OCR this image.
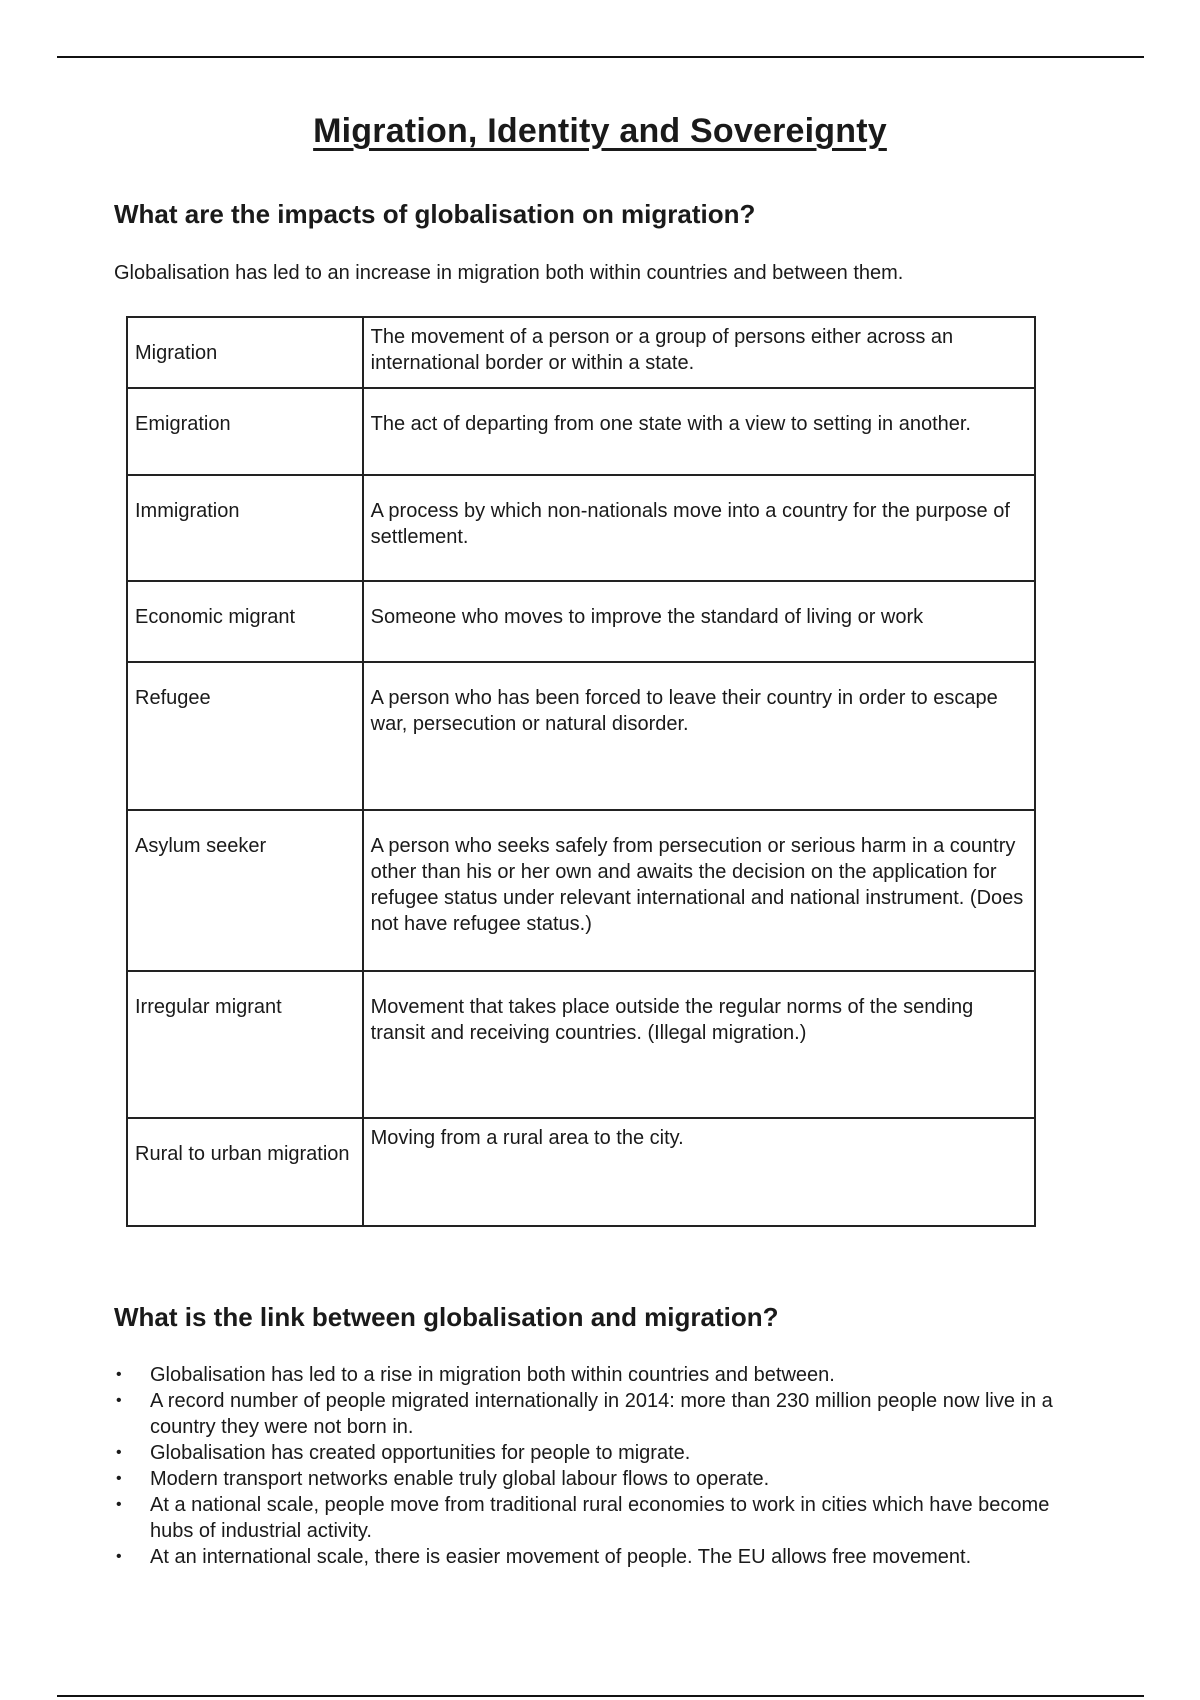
Migration, Identity and Sovereignty
What are the impacts of globalisation on migration?

Globalisation has led to an increase in migration both within countries and between them.

Migration	The movement of a person or a group of persons either across an international border or within a state.
Emigration	The act of departing from one state with a view to setting in another.
Immigration	A process by which non-nationals move into a country for the purpose of settlement.
Economic migrant	Someone who moves to improve the standard of living or work
Refugee	A person who has been forced to leave their country in order to escape war, persecution or natural disorder.
Asylum seeker	A person who seeks safely from persecution or serious harm in a country other than his or her own and awaits the decision on the application for refugee status under relevant international and national instrument. (Does not have refugee status.)
Irregular migrant	Movement that takes place outside the regular norms of the sending transit and receiving countries. (Illegal migration.)
Rural to urban migration	Moving from a rural area to the city.
What is the link between globalisation and migration?
• Globalisation has led to a rise in migration both within countries and between.
• A record number of people migrated internationally in 2014: more than 230 million people now live in a country they were not born in.
• Globalisation has created opportunities for people to migrate.
• Modern transport networks enable truly global labour flows to operate.
• At a national scale, people move from traditional rural economies to work in cities which have become hubs of industrial activity.
• At an international scale, there is easier movement of people. The EU allows free movement.
